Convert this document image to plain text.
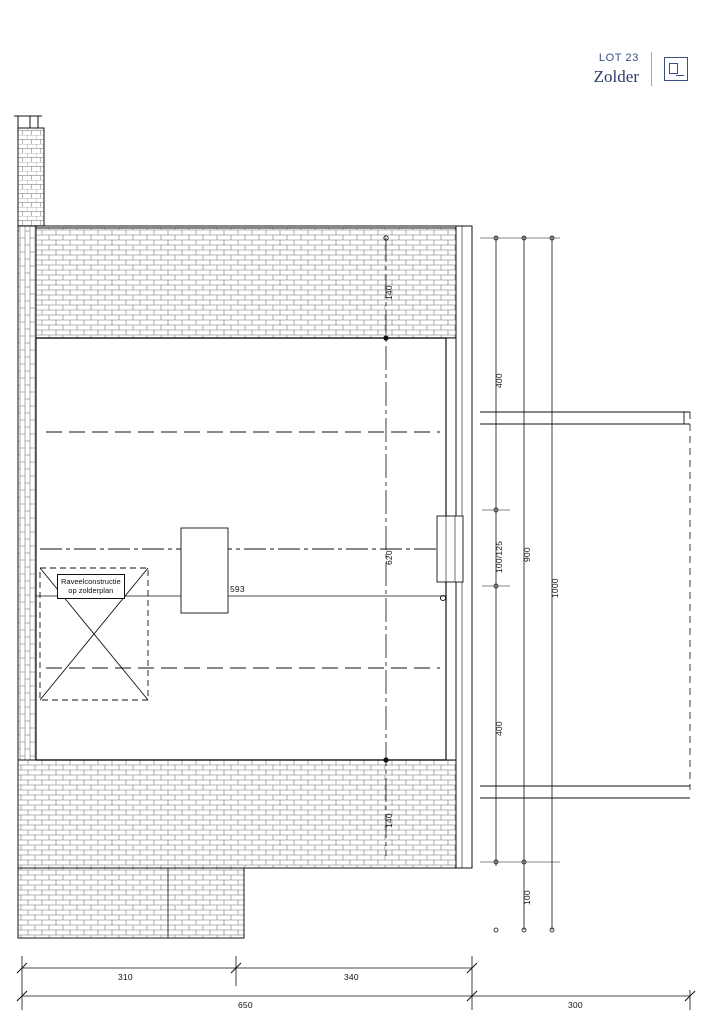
LOT 23
Zolder
140
620
140
593
400
100/125
400
900
1000
100
310	340
650	300
Raveelconstructie
op zolderplan
